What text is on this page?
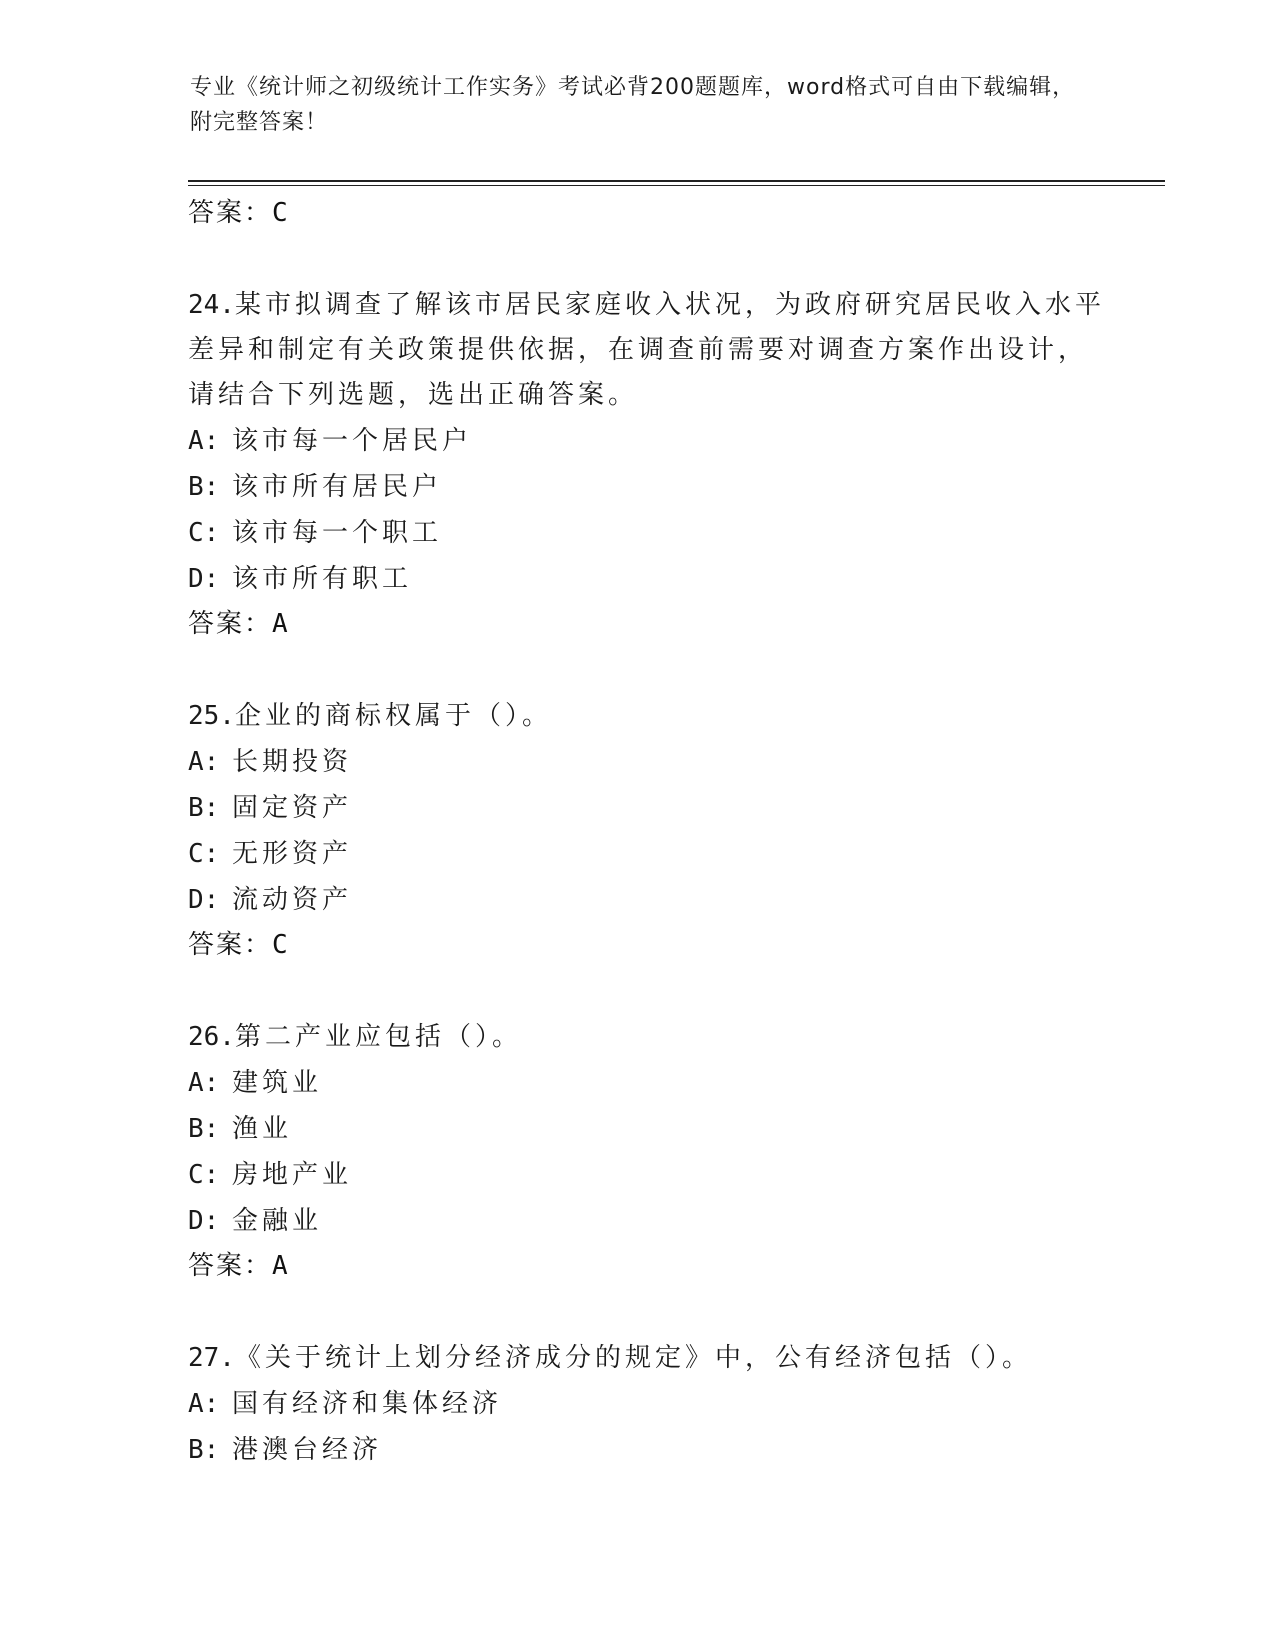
专业《统计师之初级统计工作实务》考试必背200题题库，word格式可自由下载编辑，附完整答案！
答案：C
24.某市拟调查了解该市居民家庭收入状况，为政府研究居民收入水平差异和制定有关政策提供依据，在调查前需要对调查方案作出设计，请结合下列选题，选出正确答案。
A: 该市每一个居民户
B: 该市所有居民户
C: 该市每一个职工
D: 该市所有职工
答案：A
25.企业的商标权属于（）。
A: 长期投资
B: 固定资产
C: 无形资产
D: 流动资产
答案：C
26.第二产业应包括（）。
A: 建筑业
B: 渔业
C: 房地产业
D: 金融业
答案：A
27.《关于统计上划分经济成分的规定》中，公有经济包括（）。
A: 国有经济和集体经济
B: 港澳台经济
